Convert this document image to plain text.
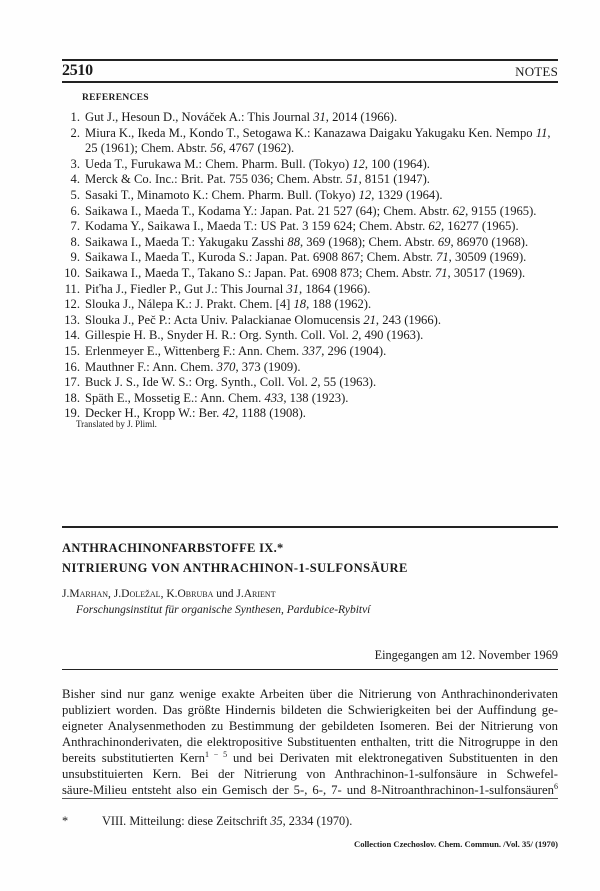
2510	NOTES
REFERENCES
1. Gut J., Hesoun D., Nováček A.: This Journal 31, 2014 (1966).
2. Miura K., Ikeda M., Kondo T., Setogawa K.: Kanazawa Daigaku Yakugaku Ken. Nempo 11,
25 (1961); Chem. Abstr. 56, 4767 (1962).
3. Ueda T., Furukawa M.: Chem. Pharm. Bull. (Tokyo) 12, 100 (1964).
4. Merck & Co. Inc.: Brit. Pat. 755 036; Chem. Abstr. 51, 8151 (1947).
5. Sasaki T., Minamoto K.: Chem. Pharm. Bull. (Tokyo) 12, 1329 (1964).
6. Saikawa I., Maeda T., Kodama Y.: Japan. Pat. 21 527 (64); Chem. Abstr. 62, 9155 (1965).
7. Kodama Y., Saikawa I., Maeda T.: US Pat. 3 159 624; Chem. Abstr. 62, 16277 (1965).
8. Saikawa I., Maeda T.: Yakugaku Zasshi 88, 369 (1968); Chem. Abstr. 69, 86970 (1968).
9. Saikawa I., Maeda T., Kuroda S.: Japan. Pat. 6908 867; Chem. Abstr. 71, 30509 (1969).
10. Saikawa I., Maeda T., Takano S.: Japan. Pat. 6908 873; Chem. Abstr. 71, 30517 (1969).
11. Piťha J., Fiedler P., Gut J.: This Journal 31, 1864 (1966).
12. Slouka J., Nálepa K.: J. Prakt. Chem. [4] 18, 188 (1962).
13. Slouka J., Peč P.: Acta Univ. Palackianae Olomucensis 21, 243 (1966).
14. Gillespie H. B., Snyder H. R.: Org. Synth. Coll. Vol. 2, 490 (1963).
15. Erlenmeyer E., Wittenberg F.: Ann. Chem. 337, 296 (1904).
16. Mauthner F.: Ann. Chem. 370, 373 (1909).
17. Buck J. S., Ide W. S.: Org. Synth., Coll. Vol. 2, 55 (1963).
18. Späth E., Mossetig E.: Ann. Chem. 433, 138 (1923).
19. Decker H., Kropp W.: Ber. 42, 1188 (1908).
Translated by J. Pliml.
ANTHRACHINONFARBSTOFFE IX.*
NITRIERUNG VON ANTHRACHINON-1-SULFONSÄURE
J.Marhan, J.Doležal, K.Obruba und J.Arient
Forschungsinstitut für organische Synthesen, Pardubice-Rybitví
Eingegangen am 12. November 1969
Bisher sind nur ganz wenige exakte Arbeiten über die Nitrierung von Anthrachinonderivaten
publiziert worden. Das größte Hindernis bildeten die Schwierigkeiten bei der Auffindung ge-
eigneter Analysenmethoden zu Bestimmung der gebildeten Isomeren. Bei der Nitrierung von
Anthrachinonderivaten, die elektropositive Substituenten enthalten, tritt die Nitrogruppe in den
bereits substitutierten Kern$^{1 - 5}$ und bei Derivaten mit elektronegativen Substituenten in den
unsubstituierten Kern. Bei der Nitrierung von Anthrachinon-1-sulfonsäure in Schwefel-
säure-Milieu entsteht also ein Gemisch der 5-, 6-, 7- und 8-Nitroanthrachinon-1-sulfonsäuren$^6$
*	VIII. Mitteilung: diese Zeitschrift 35, 2334 (1970).
Collection Czechoslov. Chem. Commun. /Vol. 35/ (1970)
